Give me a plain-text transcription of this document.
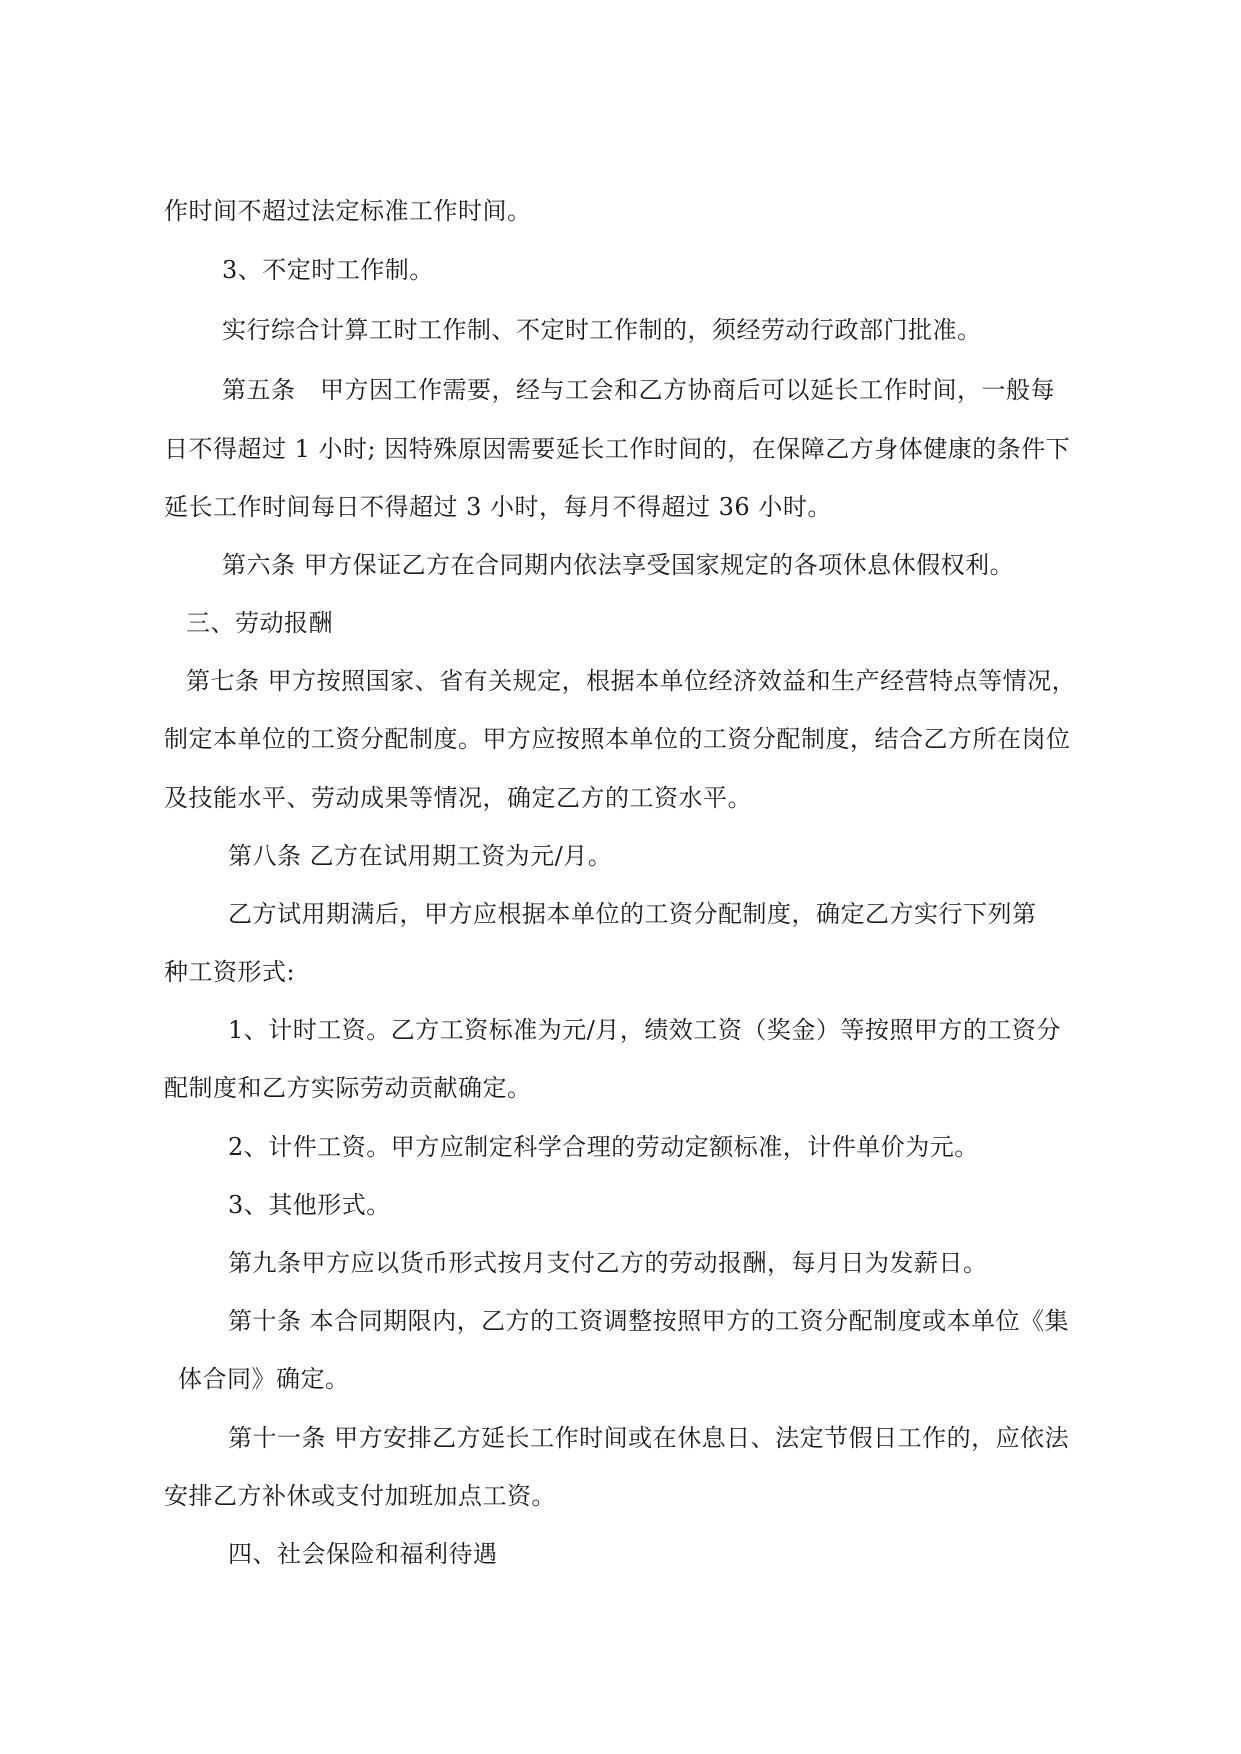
作时间不超过法定标准工作时间。
3、不定时工作制。
实行综合计算工时工作制、不定时工作制的，须经劳动行政部门批准。
第五条　甲方因工作需要，经与工会和乙方协商后可以延长工作时间，一般每
日不得超过 1 小时; 因特殊原因需要延长工作时间的，在保障乙方身体健康的条件下
延长工作时间每日不得超过 3 小时，每月不得超过 36 小时。
第六条 甲方保证乙方在合同期内依法享受国家规定的各项休息休假权利。
三、劳动报酬
第七条 甲方按照国家、省有关规定，根据本单位经济效益和生产经营特点等情况，
制定本单位的工资分配制度。甲方应按照本单位的工资分配制度，结合乙方所在岗位
及技能水平、劳动成果等情况，确定乙方的工资水平。
第八条 乙方在试用期工资为元/月。
乙方试用期满后，甲方应根据本单位的工资分配制度，确定乙方实行下列第
种工资形式:
1、计时工资。乙方工资标准为元/月，绩效工资（奖金）等按照甲方的工资分
配制度和乙方实际劳动贡献确定。
2、计件工资。甲方应制定科学合理的劳动定额标准，计件单价为元。
3、其他形式。
第九条甲方应以货币形式按月支付乙方的劳动报酬，每月日为发薪日。
第十条 本合同期限内，乙方的工资调整按照甲方的工资分配制度或本单位《集
体合同》确定。
第十一条 甲方安排乙方延长工作时间或在休息日、法定节假日工作的，应依法
安排乙方补休或支付加班加点工资。
四、社会保险和福利待遇
